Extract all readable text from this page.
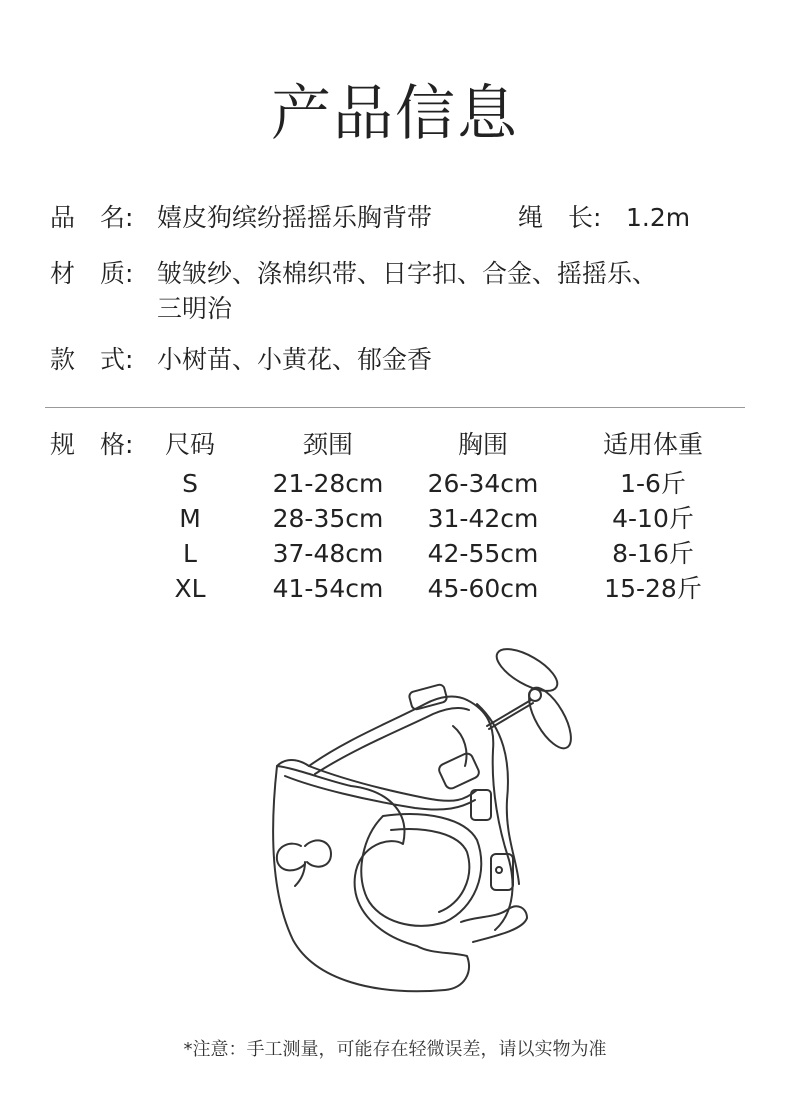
产品信息
品　名: 嬉皮狗缤纷摇摇乐胸背带	绳　长: 1.2m
材　质: 皱皱纱、涤棉织带、日字扣、合金、摇摇乐、
三明治
款　式: 小树苗、小黄花、郁金香
规　格:	尺码	颈围	胸围	适用体重
S	21-28cm	26-34cm	1-6斤
M	28-35cm	31-42cm	4-10斤
L	37-48cm	42-55cm	8-16斤
XL	41-54cm	45-60cm	15-28斤
*注意：手工测量，可能存在轻微误差，请以实物为准
